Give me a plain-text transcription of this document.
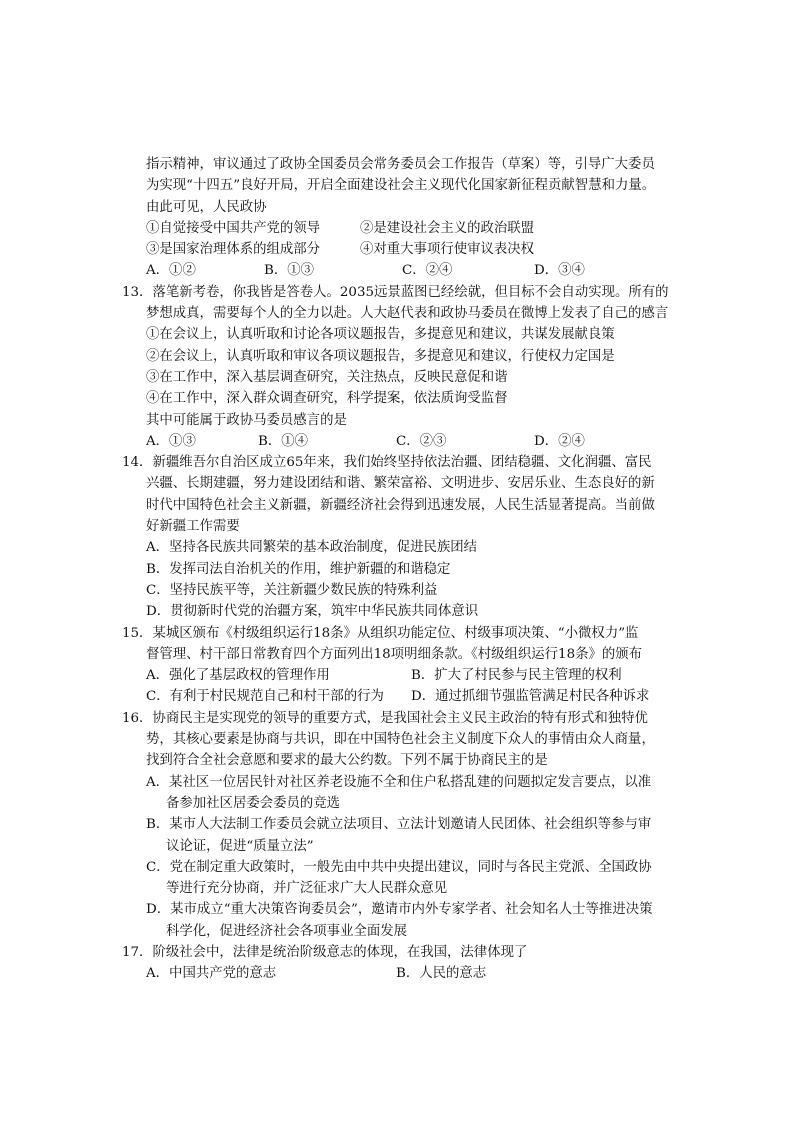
指示精神，审议通过了政协全国委员会常务委员会工作报告（草案）等，引导广大委员
为实现“十四五”良好开局，开启全面建设社会主义现代化国家新征程贡献智慧和力量。
由此可见，人民政协
①自觉接受中国共产党的领导	②是建设社会主义的政治联盟
③是国家治理体系的组成部分	④对重大事项行使审议表决权
A．①②	B．①③	C．②④	D．③④
13．落笔新考卷，你我皆是答卷人。2035远景蓝图已经绘就，但目标不会自动实现。所有的
梦想成真，需要每个人的全力以赴。人大赵代表和政协马委员在微博上发表了自己的感言
①在会议上，认真听取和讨论各项议题报告，多提意见和建议，共谋发展献良策
②在会议上，认真听取和审议各项议题报告，多提意见和建议，行使权力定国是
③在工作中，深入基层调查研究，关注热点，反映民意促和谐
④在工作中，深入群众调查研究，科学提案，依法质询受监督
其中可能属于政协马委员感言的是
A．①③	B．①④	C．②③	D．②④
14．新疆维吾尔自治区成立65年来，我们始终坚持依法治疆、团结稳疆、文化润疆、富民
兴疆、长期建疆，努力建设团结和谐、繁荣富裕、文明进步、安居乐业、生态良好的新
时代中国特色社会主义新疆，新疆经济社会得到迅速发展，人民生活显著提高。当前做
好新疆工作需要
A．坚持各民族共同繁荣的基本政治制度，促进民族团结
B．发挥司法自治机关的作用，维护新疆的和谐稳定
C．坚持民族平等，关注新疆少数民族的特殊利益
D．贯彻新时代党的治疆方案，筑牢中华民族共同体意识
15．某城区颁布《村级组织运行18条》从组织功能定位、村级事项决策、“小微权力”监
督管理、村干部日常教育四个方面列出18项明细条款。《村级组织运行18条》的颁布
A．强化了基层政权的管理作用	B．扩大了村民参与民主管理的权利
C．有利于村民规范自己和村干部的行为	D．通过抓细节强监管满足村民各种诉求
16．协商民主是实现党的领导的重要方式，是我国社会主义民主政治的特有形式和独特优
势，其核心要素是协商与共识，即在中国特色社会主义制度下众人的事情由众人商量，
找到符合全社会意愿和要求的最大公约数。下列不属于协商民主的是
A．某社区一位居民针对社区养老设施不全和住户私搭乱建的问题拟定发言要点，以准
备参加社区居委会委员的竞选
B．某市人大法制工作委员会就立法项目、立法计划邀请人民团体、社会组织等参与审
议论证，促进“质量立法”
C．党在制定重大政策时，一般先由中共中央提出建议，同时与各民主党派、全国政协
等进行充分协商，并广泛征求广大人民群众意见
D．某市成立“重大决策咨询委员会”，邀请市内外专家学者、社会知名人士等推进决策
科学化，促进经济社会各项事业全面发展
17．阶级社会中，法律是统治阶级意志的体现，在我国，法律体现了
A．中国共产党的意志	B．人民的意志
